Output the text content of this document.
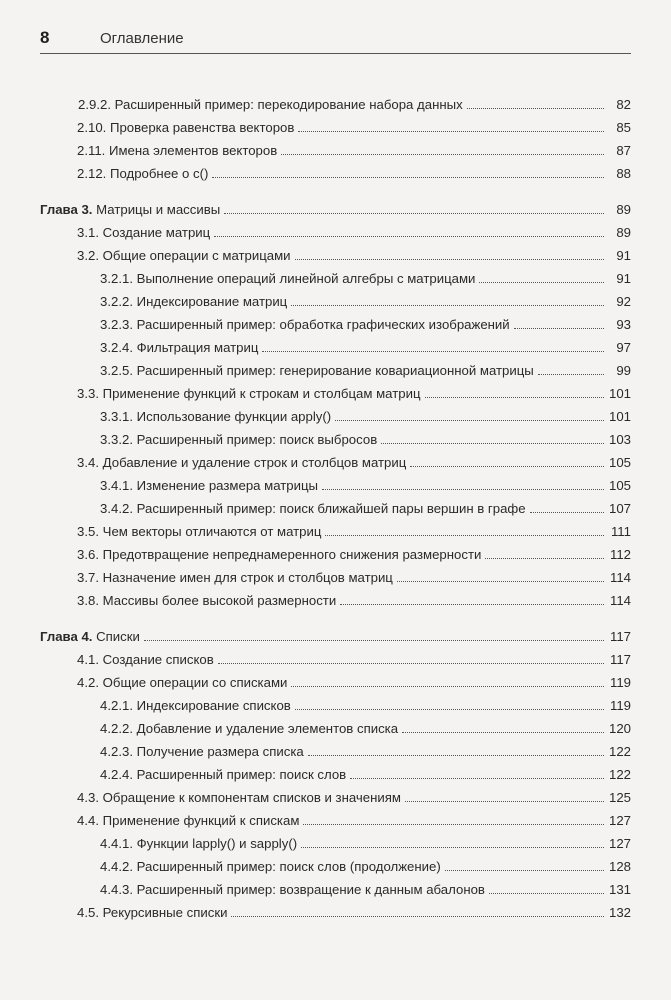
8	Оглавление
2.9.2. Расширенный пример: перекодирование набора данных	82
2.10. Проверка равенства векторов	85
2.11. Имена элементов векторов	87
2.12. Подробнее о c()	88
Глава 3. Матрицы и массивы	89
3.1. Создание матриц	89
3.2. Общие операции с матрицами	91
3.2.1. Выполнение операций линейной алгебры с матрицами	91
3.2.2. Индексирование матриц	92
3.2.3. Расширенный пример: обработка графических изображений	93
3.2.4. Фильтрация матриц	97
3.2.5. Расширенный пример: генерирование ковариационной матрицы	99
3.3. Применение функций к строкам и столбцам матриц	101
3.3.1. Использование функции apply()	101
3.3.2. Расширенный пример: поиск выбросов	103
3.4. Добавление и удаление строк и столбцов матриц	105
3.4.1. Изменение размера матрицы	105
3.4.2. Расширенный пример: поиск ближайшей пары вершин в графе	107
3.5. Чем векторы отличаются от матриц	111
3.6. Предотвращение непреднамеренного снижения размерности	112
3.7. Назначение имен для строк и столбцов матриц	114
3.8. Массивы более высокой размерности	114
Глава 4. Списки	117
4.1. Создание списков	117
4.2. Общие операции со списками	119
4.2.1. Индексирование списков	119
4.2.2. Добавление и удаление элементов списка	120
4.2.3. Получение размера списка	122
4.2.4. Расширенный пример: поиск слов	122
4.3. Обращение к компонентам списков и значениям	125
4.4. Применение функций к спискам	127
4.4.1. Функции lapply() и sapply()	127
4.4.2. Расширенный пример: поиск слов (продолжение)	128
4.4.3. Расширенный пример: возвращение к данным абалонов	131
4.5. Рекурсивные списки	132
